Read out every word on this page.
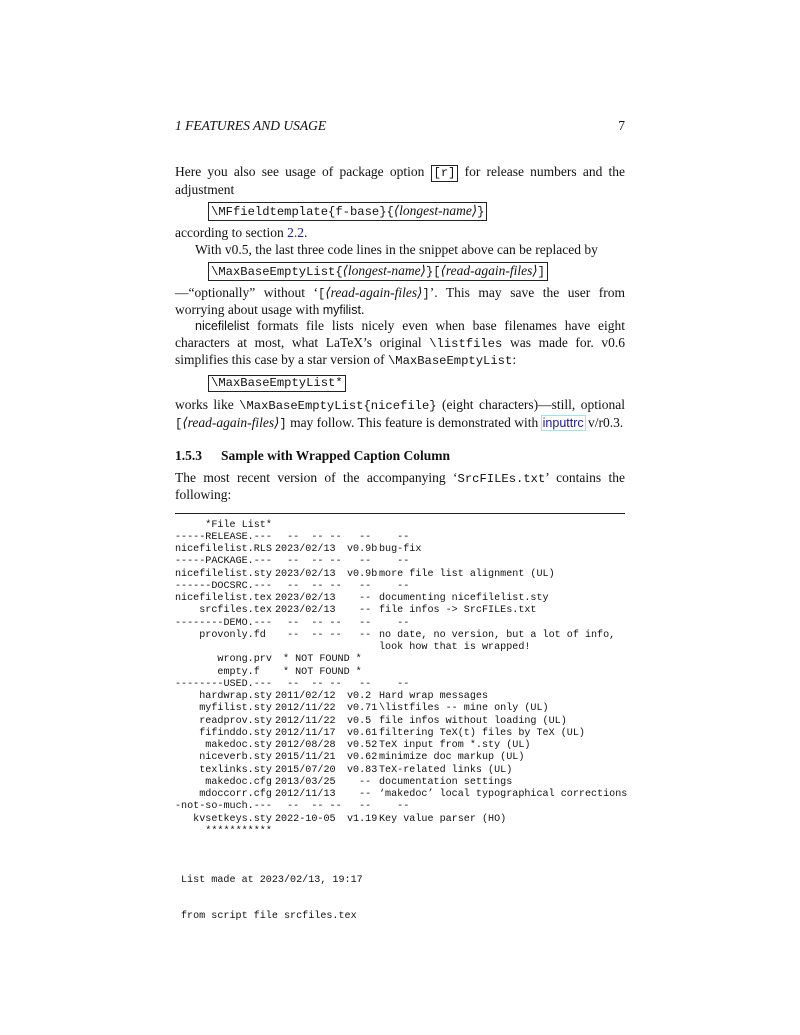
1 FEATURES AND USAGE	7

Here you also see usage of package option [r] for release numbers and the adjustment

\MFfieldtemplate{f-base}{⟨longest-name⟩}

according to section 2.2.

With v0.5, the last three code lines in the snippet above can be replaced by

\MaxBaseEmptyList{⟨longest-name⟩}[⟨read-again-files⟩]

—“optionally” without ‘[⟨read-again-files⟩]’. This may save the user from worrying about usage with myfilist.

nicefilelist formats file lists nicely even when base filenames have eight characters at most, what LaTeX’s original \listfiles was made for. v0.6 simplifies this case by a star version of \MaxBaseEmptyList:

\MaxBaseEmptyList*

works like \MaxBaseEmptyList{nicefile} (eight characters)—still, optional [⟨read-again-files⟩] may follow. This feature is demonstrated with inputtrc v/r0.3.

1.5.3 Sample with Wrapped Caption Column

The most recent version of the accompanying ‘SrcFILEs.txt’ contains the following:

*File List*
-----RELEASE.--- --  -- -- -- --
nicefilelist.RLS 2023/02/13	v0.9b bug-fix
-----PACKAGE.--- --  -- -- -- --
nicefilelist.sty 2023/02/13	v0.9b more file list alignment (UL)
------DOCSRC.--- --  -- -- -- --
nicefilelist.tex 2023/02/13	-- documenting nicefilelist.sty
srcfiles.tex 2023/02/13	-- file infos -> SrcFILEs.txt
--------DEMO.--- --  -- -- -- --
provonly.fd --  -- -- -- no date, no version, but a lot of info,
look how that is wrapped!
wrong.prv * NOT FOUND *
empty.f	* NOT FOUND *
--------USED.--- --  -- -- -- --
hardwrap.sty 2011/02/12	v0.2 Hard wrap messages
myfilist.sty 2012/11/22	v0.71 \listfiles -- mine only (UL)
readprov.sty 2012/11/22	v0.5 file infos without loading (UL)
fifinddo.sty 2012/11/17	v0.61 filtering TeX(t) files by TeX (UL)
makedoc.sty 2012/08/28	v0.52 TeX input from *.sty (UL)
niceverb.sty 2015/11/21	v0.62 minimize doc markup (UL)
texlinks.sty 2015/07/20	v0.83 TeX-related links (UL)
makedoc.cfg 2013/03/25	-- documentation settings
mdoccorr.cfg 2012/11/13	-- ‘makedoc’ local typographical corrections
-not-so-much.--- --  -- -- -- --
kvsetkeys.sty 2022-10-05	v1.19 Key value parser (HO)
***********

List made at 2023/02/13, 19:17

from script file srcfiles.tex
